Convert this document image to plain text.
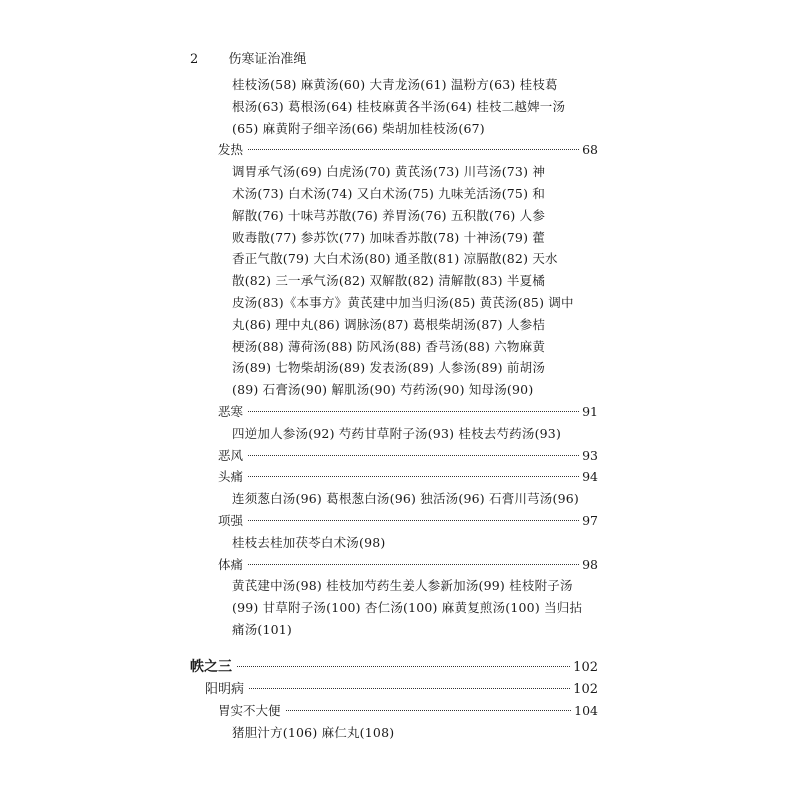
2 伤寒证治准绳
桂枝汤(58) 麻黄汤(60) 大青龙汤(61) 温粉方(63) 桂枝葛
根汤(63) 葛根汤(64) 桂枝麻黄各半汤(64) 桂枝二越婢一汤
(65) 麻黄附子细辛汤(66) 柴胡加桂枝汤(67)
发热	68
调胃承气汤(69) 白虎汤(70) 黄芪汤(73) 川芎汤(73) 神
术汤(73) 白术汤(74) 又白术汤(75) 九味羌活汤(75) 和
解散(76) 十味芎苏散(76) 养胃汤(76) 五积散(76) 人参
败毒散(77) 参苏饮(77) 加味香苏散(78) 十神汤(79) 藿
香正气散(79) 大白术汤(80) 通圣散(81) 凉膈散(82) 天水
散(82) 三一承气汤(82) 双解散(82) 清解散(83) 半夏橘
皮汤(83)《本事方》黄芪建中加当归汤(85) 黄芪汤(85) 调中
丸(86) 理中丸(86) 调脉汤(87) 葛根柴胡汤(87) 人参桔
梗汤(88) 薄荷汤(88) 防风汤(88) 香芎汤(88) 六物麻黄
汤(89) 七物柴胡汤(89) 发表汤(89) 人参汤(89) 前胡汤
(89) 石膏汤(90) 解肌汤(90) 芍药汤(90) 知母汤(90)
恶寒	91
四逆加人参汤(92) 芍药甘草附子汤(93) 桂枝去芍药汤(93)
恶风	93
头痛	94
连须葱白汤(96) 葛根葱白汤(96) 独活汤(96) 石膏川芎汤(96)
项强	97
桂枝去桂加茯苓白术汤(98)
体痛	98
黄芪建中汤(98) 桂枝加芍药生姜人参新加汤(99) 桂枝附子汤
(99) 甘草附子汤(100) 杏仁汤(100) 麻黄复煎汤(100) 当归拈
痛汤(101)
帙之三	102
阳明病	102
胃实不大便	104
猪胆汁方(106) 麻仁丸(108)
